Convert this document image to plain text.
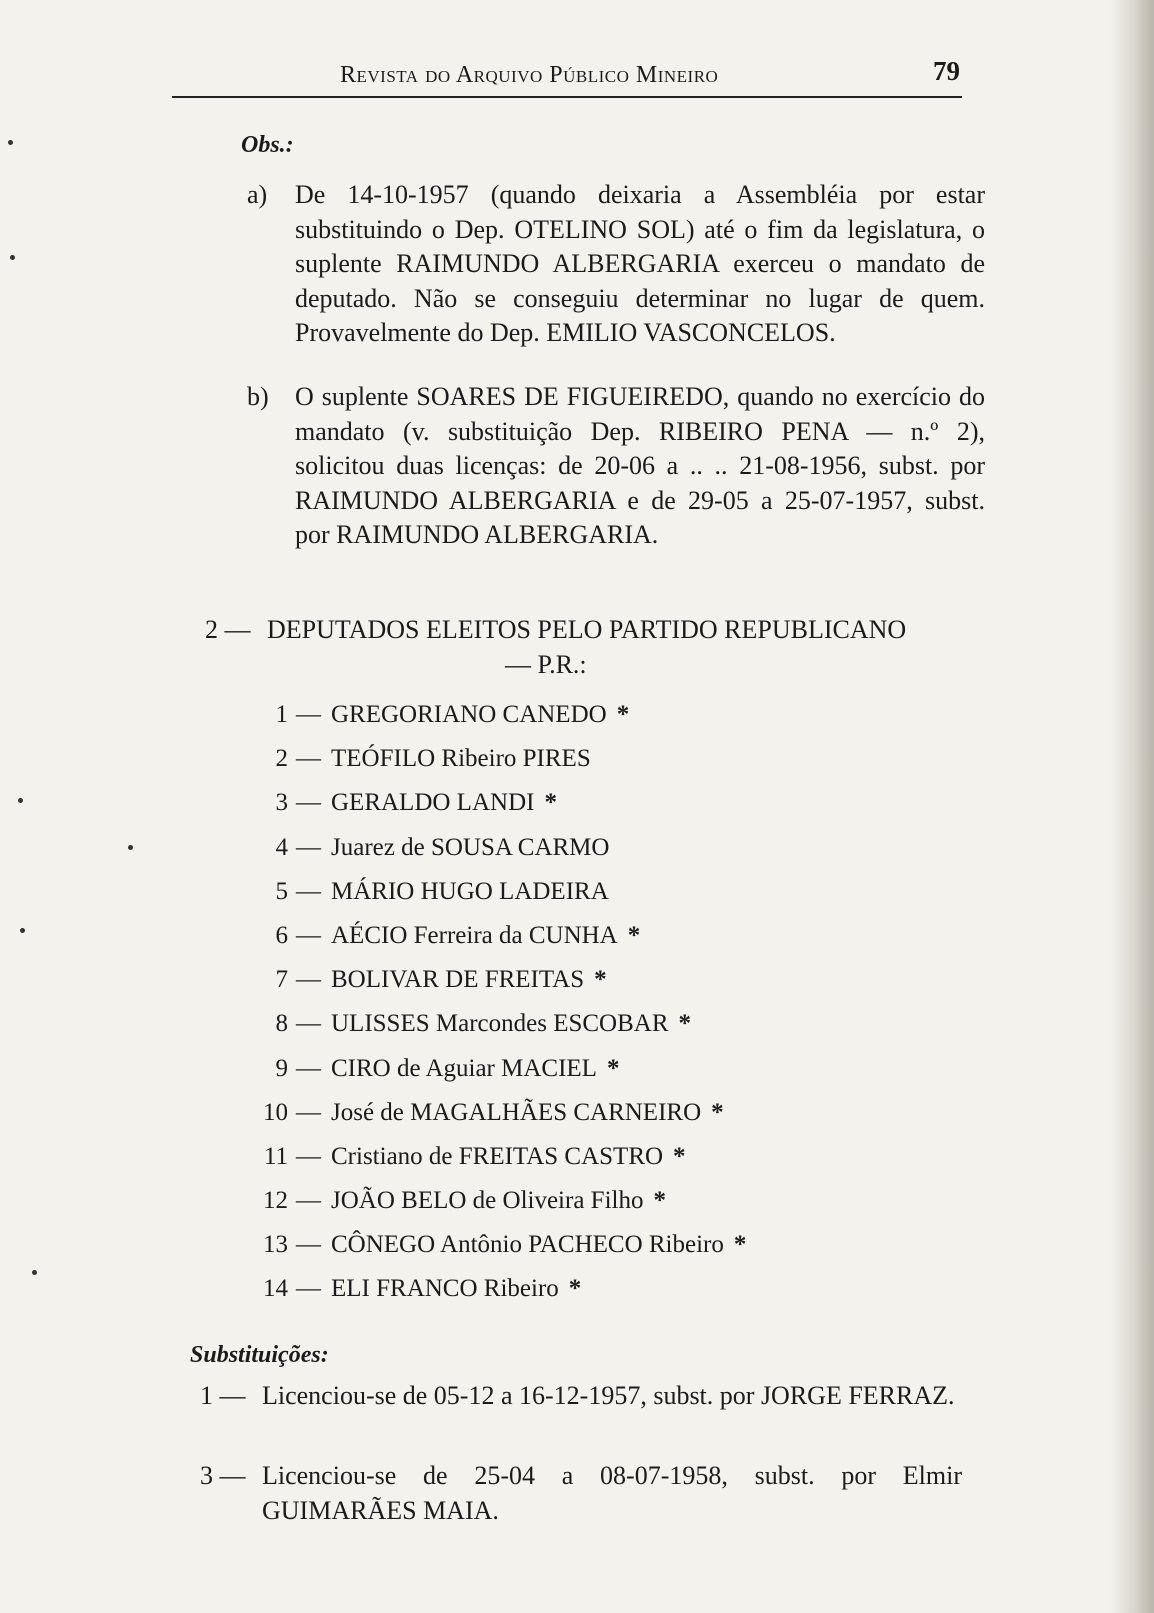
Revista do Arquivo Público Mineiro	79
Obs.:
a) De 14-10-1957 (quando deixaria a Assembléia por estar substituindo o Dep. OTELINO SOL) até o fim da legislatura, o suplente RAIMUNDO ALBERGARIA exerceu o mandato de deputado. Não se conseguiu determinar no lugar de quem. Provavelmente do Dep. EMILIO VASCONCELOS.
b) O suplente SOARES DE FIGUEIREDO, quando no exercício do mandato (v. substituição Dep. RIBEIRO PENA — n.º 2), solicitou duas licenças: de 20-06 a .. .. 21-08-1956, subst. por RAIMUNDO ALBERGARIA e de 29-05 a 25-07-1957, subst. por RAIMUNDO ALBERGARIA.
2 — DEPUTADOS ELEITOS PELO PARTIDO REPUBLICANO
— P.R.:
1 — GREGORIANO CANEDO *
2 — TEÓFILO Ribeiro PIRES
3 — GERALDO LANDI *
4 — Juarez de SOUSA CARMO
5 — MÁRIO HUGO LADEIRA
6 — AÉCIO Ferreira da CUNHA *
7 — BOLIVAR DE FREITAS *
8 — ULISSES Marcondes ESCOBAR *
9 — CIRO de Aguiar MACIEL *
10 — José de MAGALHÃES CARNEIRO *
11 — Cristiano de FREITAS CASTRO *
12 — JOÃO BELO de Oliveira Filho *
13 — CÔNEGO Antônio PACHECO Ribeiro *
14 — ELI FRANCO Ribeiro *
Substituições:
1 — Licenciou-se de 05-12 a 16-12-1957, subst. por JORGE FERRAZ.
3 — Licenciou-se de 25-04 a 08-07-1958, subst. por Elmir GUIMARÃES MAIA.
